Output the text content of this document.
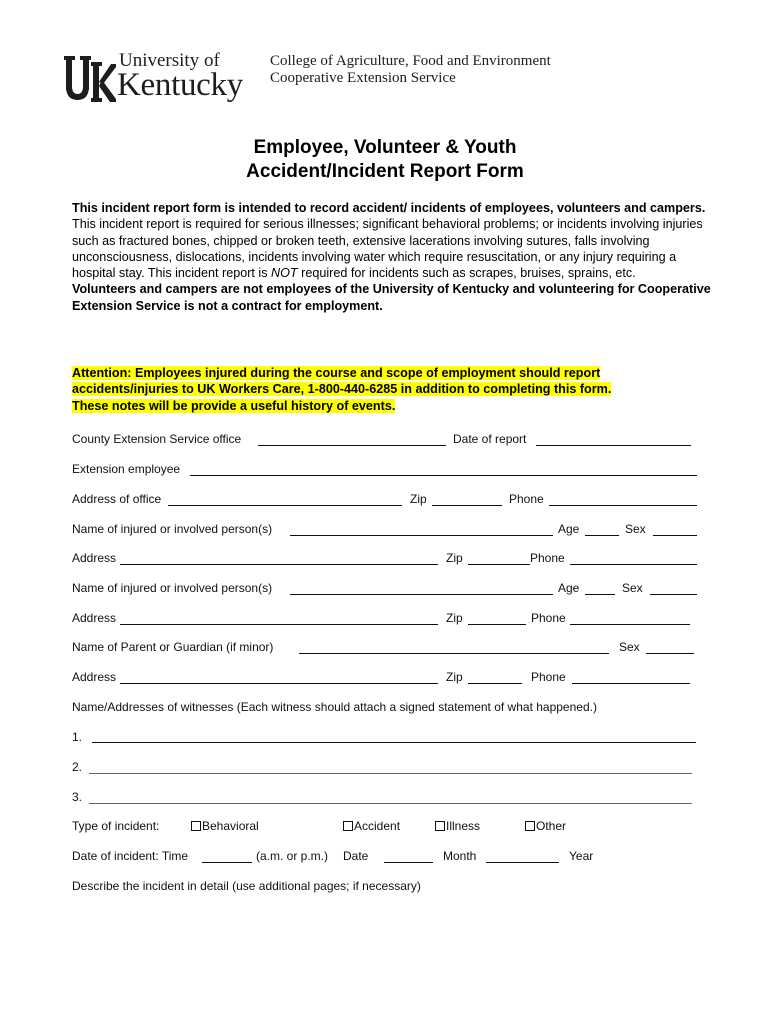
University of
Kentucky
College of Agriculture, Food and Environment
Cooperative Extension Service
Employee, Volunteer & Youth
Accident/Incident Report Form

This incident report form is intended to record accident/ incidents of employees, volunteers and campers.

This incident report is required for serious illnesses; significant behavioral problems; or incidents involving injuries such as fractured bones, chipped or broken teeth, extensive lacerations involving sutures, falls involving unconsciousness, dislocations, incidents involving water which require resuscitation, or any injury requiring a hospital stay. This incident report is NOT required for incidents such as scrapes, bruises, sprains, etc.

Volunteers and campers are not employees of the University of Kentucky and volunteering for Cooperative Extension Service is not a contract for employment.

Attention: Employees injured during the course and scope of employment should report
accidents/injuries to UK Workers Care, 1-800-440-6285 in addition to completing this form.
These notes will be provide a useful history of events.
County Extension Service office	Date of report
Extension employee
Address of office	Zip	Phone
Name of injured or involved person(s)	Age	Sex
Address	Zip	Phone
Name of injured or involved person(s)	Age	Sex
Address	Zip	Phone
Name of Parent or Guardian (if minor)	Sex
Address	Zip	Phone
Name/Addresses of witnesses (Each witness should attach a signed statement of what happened.)
1.
2.
3.
Type of incident:	Behavioral	Accident	Illness	Other
Date of incident: Time	(a.m. or p.m.) Date	Month	Year
Describe the incident in detail (use additional pages; if necessary)
